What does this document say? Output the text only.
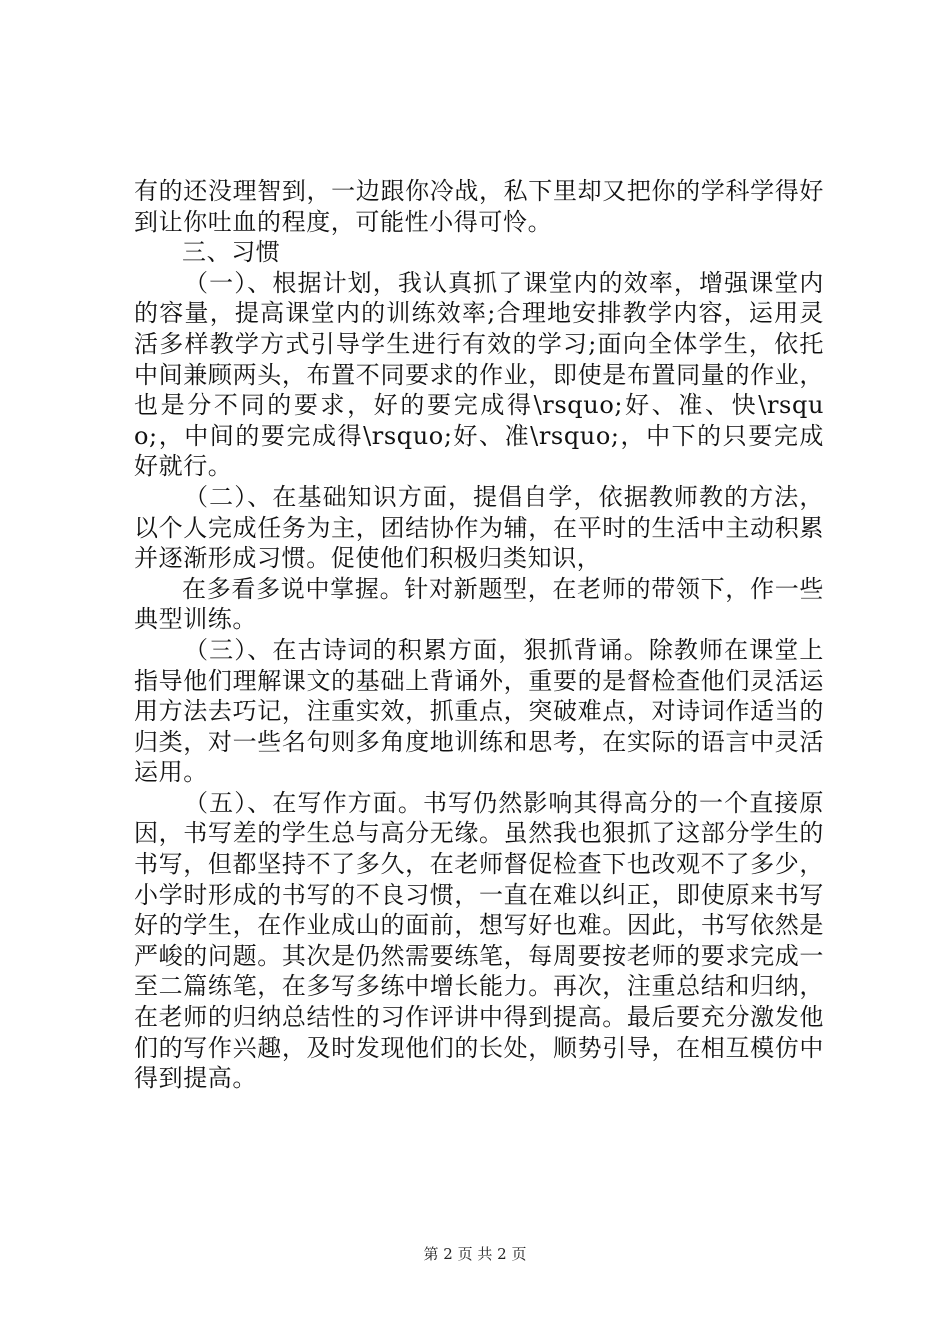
有的还没理智到，一边跟你冷战，私下里却又把你的学科学得好到让你吐血的程度，可能性小得可怜。

三、习惯

（一）、根据计划，我认真抓了课堂内的效率，增强课堂内的容量，提高课堂内的训练效率;合理地安排教学内容，运用灵活多样教学方式引导学生进行有效的学习;面向全体学生，依托中间兼顾两头，布置不同要求的作业，即使是布置同量的作业，也是分不同的要求，好的要完成得\rsquo;好、准、快\rsquo;，中间的要完成得\rsquo;好、准\rsquo;，中下的只要完成好就行。

（二）、在基础知识方面，提倡自学，依据教师教的方法，以个人完成任务为主，团结协作为辅，在平时的生活中主动积累并逐渐形成习惯。促使他们积极归类知识，

在多看多说中掌握。针对新题型，在老师的带领下，作一些典型训练。

（三）、在古诗词的积累方面，狠抓背诵。除教师在课堂上指导他们理解课文的基础上背诵外，重要的是督检查他们灵活运用方法去巧记，注重实效，抓重点，突破难点，对诗词作适当的归类，对一些名句则多角度地训练和思考，在实际的语言中灵活运用。

（五）、在写作方面。书写仍然影响其得高分的一个直接原因，书写差的学生总与高分无缘。虽然我也狠抓了这部分学生的书写，但都坚持不了多久，在老师督促检查下也改观不了多少，小学时形成的书写的不良习惯，一直在难以纠正，即使原来书写好的学生，在作业成山的面前，想写好也难。因此，书写依然是严峻的问题。其次是仍然需要练笔，每周要按老师的要求完成一至二篇练笔，在多写多练中增长能力。再次，注重总结和归纳，在老师的归纳总结性的习作评讲中得到提高。最后要充分激发他们的写作兴趣，及时发现他们的长处，顺势引导，在相互模仿中得到提高。

第 2 页 共 2 页
